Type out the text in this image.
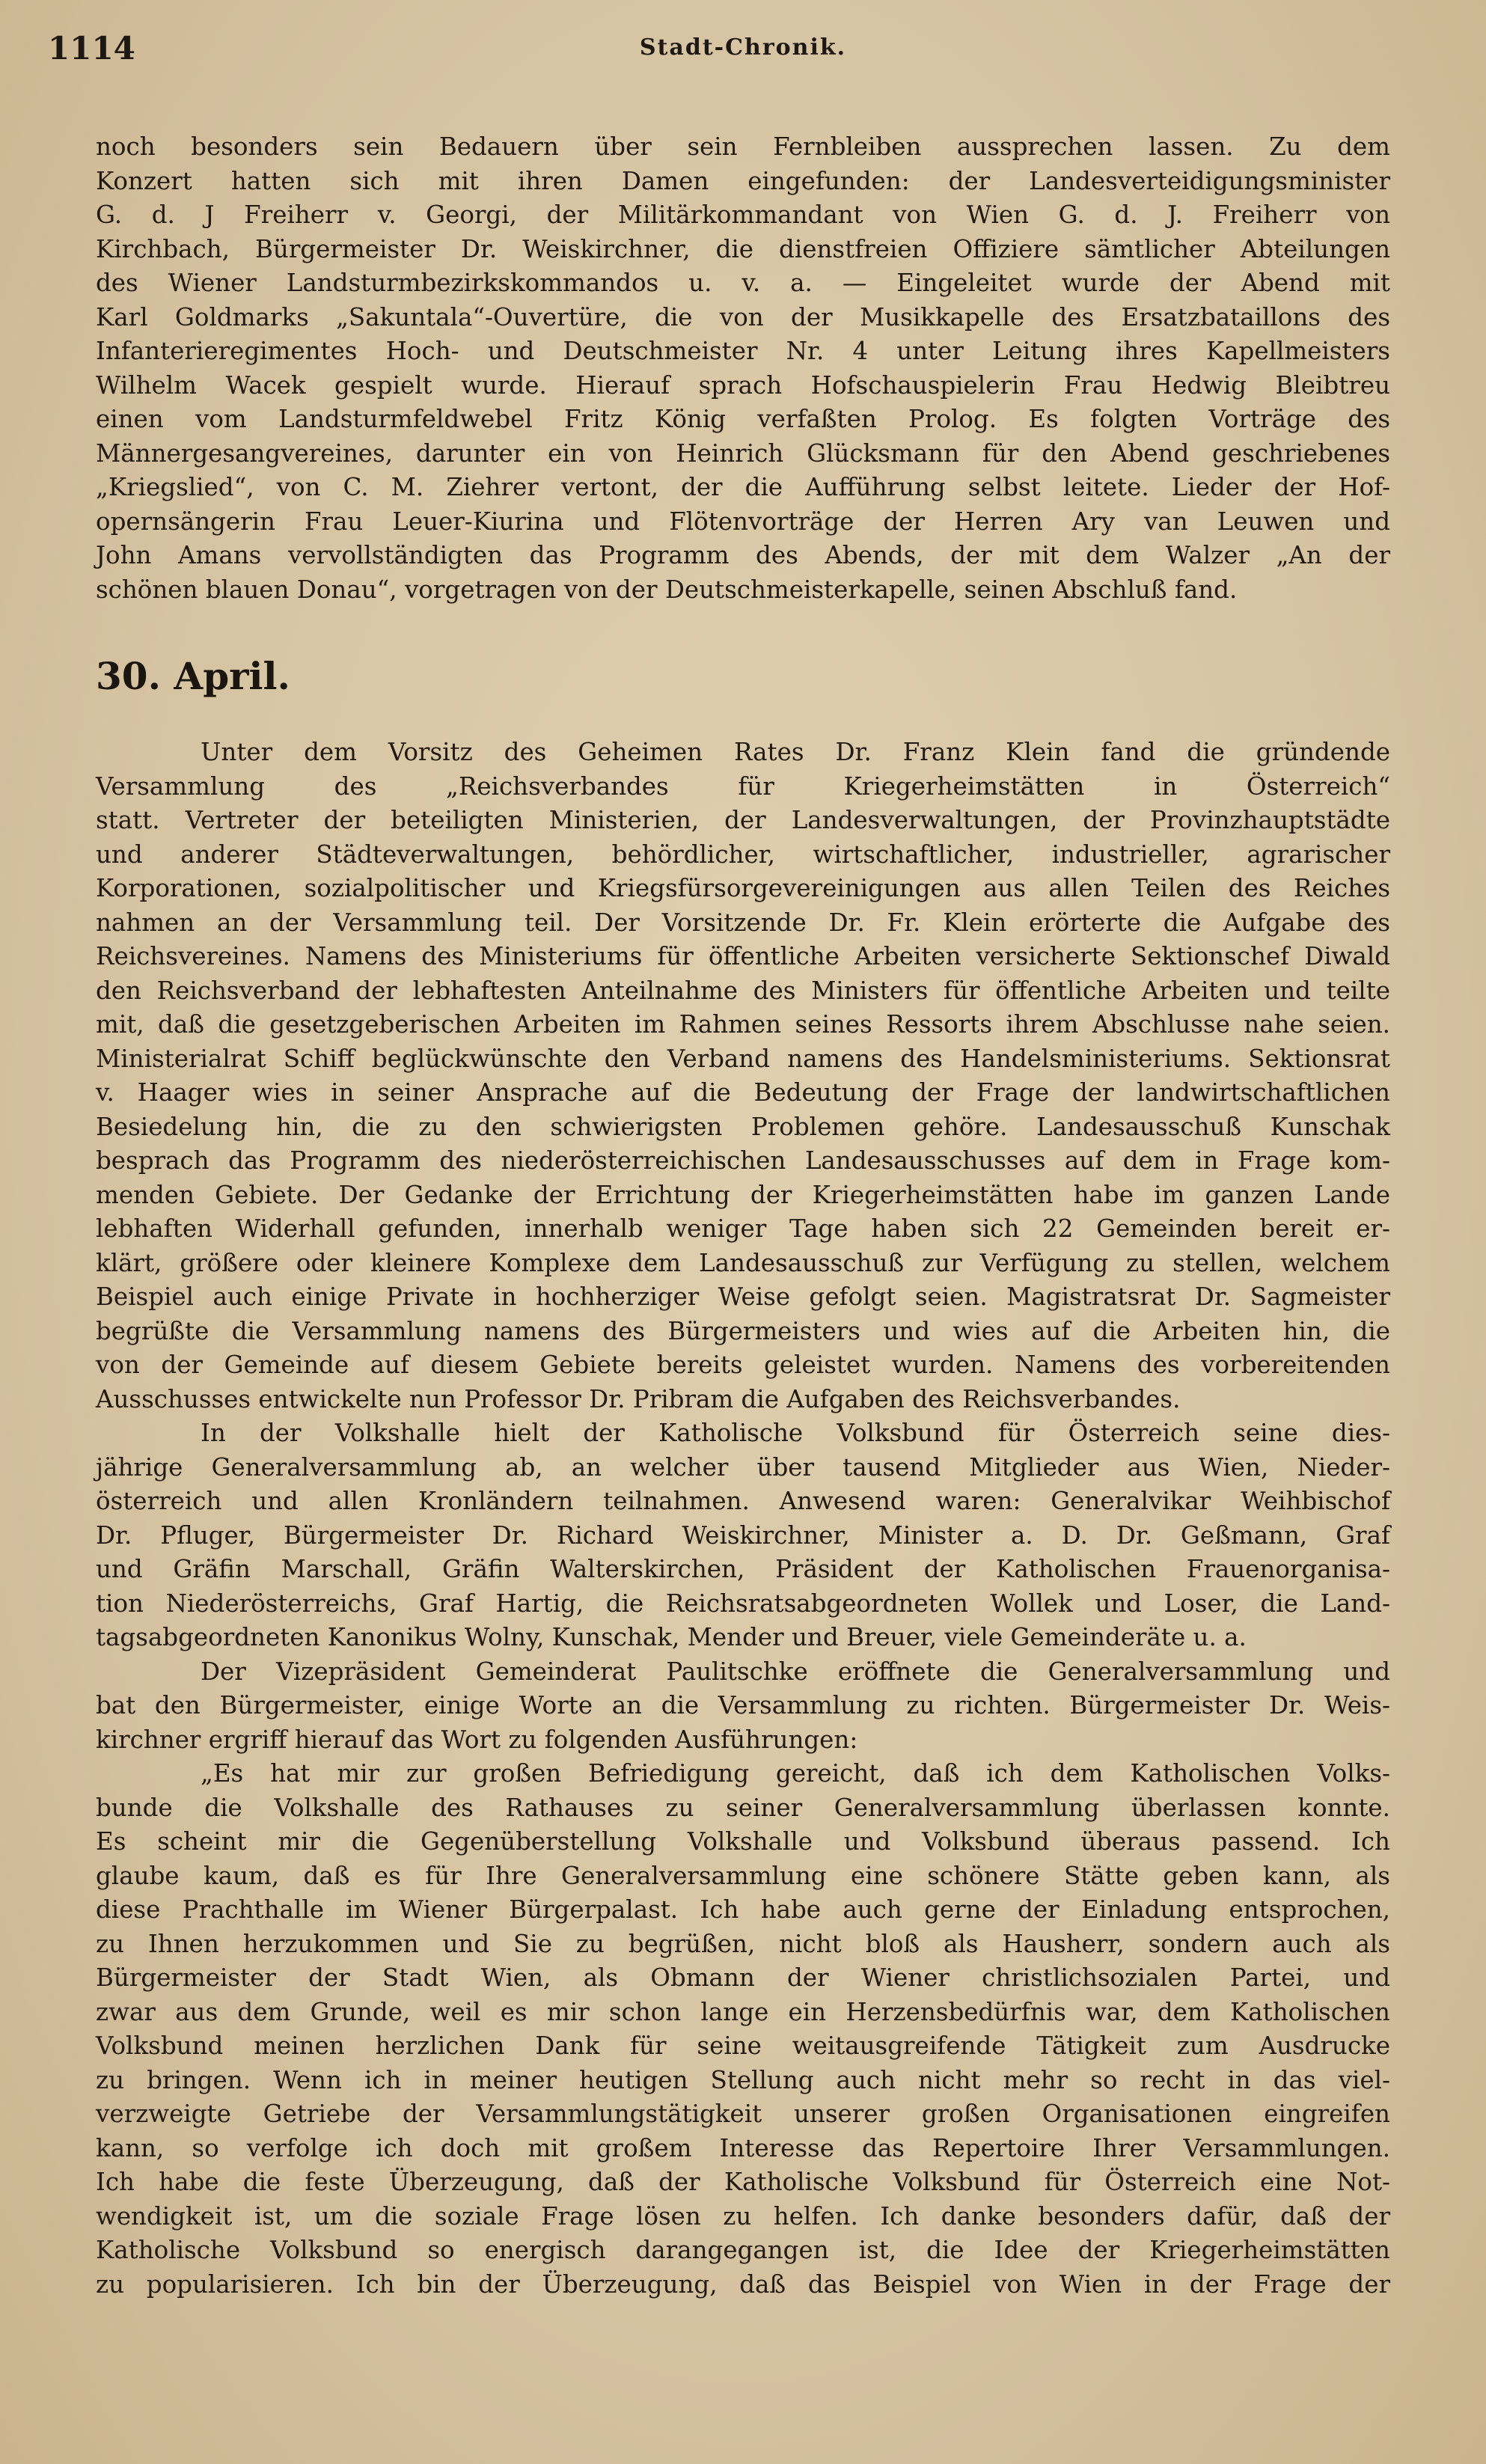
1114	Stadt-Chronik.

noch besonders sein Bedauern über sein Fernbleiben aussprechen lassen. Zu dem

Konzert hatten sich mit ihren Damen eingefunden: der Landesverteidigungsminister

G. d. J Freiherr v. Georgi, der Militärkommandant von Wien G. d. J. Freiherr von

Kirchbach, Bürgermeister Dr. Weiskirchner, die dienstfreien Offiziere sämtlicher Abteilungen

des Wiener Landsturmbezirkskommandos u. v. a. — Eingeleitet wurde der Abend mit

Karl Goldmarks „Sakuntala“-Ouvertüre, die von der Musikkapelle des Ersatzbataillons des

Infanterieregimentes Hoch- und Deutschmeister Nr. 4 unter Leitung ihres Kapellmeisters

Wilhelm Wacek gespielt wurde. Hierauf sprach Hofschauspielerin Frau Hedwig Bleibtreu

einen vom Landsturmfeldwebel Fritz König verfaßten Prolog. Es folgten Vorträge des

Männergesangvereines, darunter ein von Heinrich Glücksmann für den Abend geschriebenes

„Kriegslied“, von C. M. Ziehrer vertont, der die Aufführung selbst leitete. Lieder der Hof-

opernsängerin Frau Leuer-Kiurina und Flötenvorträge der Herren Ary van Leuwen und

John Amans vervollständigten das Programm des Abends, der mit dem Walzer „An der

schönen blauen Donau“, vorgetragen von der Deutschmeisterkapelle, seinen Abschluß fand.

30. April.

Unter dem Vorsitz des Geheimen Rates Dr. Franz Klein fand die gründende

Versammlung des „Reichsverbandes für Kriegerheimstätten in Österreich“

statt. Vertreter der beteiligten Ministerien, der Landesverwaltungen, der Provinzhauptstädte

und anderer Städteverwaltungen, behördlicher, wirtschaftlicher, industrieller, agrarischer

Korporationen, sozialpolitischer und Kriegsfürsorgevereinigungen aus allen Teilen des Reiches

nahmen an der Versammlung teil. Der Vorsitzende Dr. Fr. Klein erörterte die Aufgabe des

Reichsvereines. Namens des Ministeriums für öffentliche Arbeiten versicherte Sektionschef Diwald

den Reichsverband der lebhaftesten Anteilnahme des Ministers für öffentliche Arbeiten und teilte

mit, daß die gesetzgeberischen Arbeiten im Rahmen seines Ressorts ihrem Abschlusse nahe seien.

Ministerialrat Schiff beglückwünschte den Verband namens des Handelsministeriums. Sektionsrat

v. Haager wies in seiner Ansprache auf die Bedeutung der Frage der landwirtschaftlichen

Besiedelung hin, die zu den schwierigsten Problemen gehöre. Landesausschuß Kunschak

besprach das Programm des niederösterreichischen Landesausschusses auf dem in Frage kom-

menden Gebiete. Der Gedanke der Errichtung der Kriegerheimstätten habe im ganzen Lande

lebhaften Widerhall gefunden, innerhalb weniger Tage haben sich 22 Gemeinden bereit er-

klärt, größere oder kleinere Komplexe dem Landesausschuß zur Verfügung zu stellen, welchem

Beispiel auch einige Private in hochherziger Weise gefolgt seien. Magistratsrat Dr. Sagmeister

begrüßte die Versammlung namens des Bürgermeisters und wies auf die Arbeiten hin, die

von der Gemeinde auf diesem Gebiete bereits geleistet wurden. Namens des vorbereitenden

Ausschusses entwickelte nun Professor Dr. Pribram die Aufgaben des Reichsverbandes.

In der Volkshalle hielt der Katholische Volksbund für Österreich seine dies-

jährige Generalversammlung ab, an welcher über tausend Mitglieder aus Wien, Nieder-

österreich und allen Kronländern teilnahmen. Anwesend waren: Generalvikar Weihbischof

Dr. Pfluger, Bürgermeister Dr. Richard Weiskirchner, Minister a. D. Dr. Geßmann, Graf

und Gräfin Marschall, Gräfin Walterskirchen, Präsident der Katholischen Frauenorganisa-

tion Niederösterreichs, Graf Hartig, die Reichsratsabgeordneten Wollek und Loser, die Land-

tagsabgeordneten Kanonikus Wolny, Kunschak, Mender und Breuer, viele Gemeinderäte u. a.

Der Vizepräsident Gemeinderat Paulitschke eröffnete die Generalversammlung und

bat den Bürgermeister, einige Worte an die Versammlung zu richten. Bürgermeister Dr. Weis-

kirchner ergriff hierauf das Wort zu folgenden Ausführungen:

„Es hat mir zur großen Befriedigung gereicht, daß ich dem Katholischen Volks-

bunde die Volkshalle des Rathauses zu seiner Generalversammlung überlassen konnte.

Es scheint mir die Gegenüberstellung Volkshalle und Volksbund überaus passend. Ich

glaube kaum, daß es für Ihre Generalversammlung eine schönere Stätte geben kann, als

diese Prachthalle im Wiener Bürgerpalast. Ich habe auch gerne der Einladung entsprochen,

zu Ihnen herzukommen und Sie zu begrüßen, nicht bloß als Hausherr, sondern auch als

Bürgermeister der Stadt Wien, als Obmann der Wiener christlichsozialen Partei, und

zwar aus dem Grunde, weil es mir schon lange ein Herzensbedürfnis war, dem Katholischen

Volksbund meinen herzlichen Dank für seine weitausgreifende Tätigkeit zum Ausdrucke

zu bringen. Wenn ich in meiner heutigen Stellung auch nicht mehr so recht in das viel-

verzweigte Getriebe der Versammlungstätigkeit unserer großen Organisationen eingreifen

kann, so verfolge ich doch mit großem Interesse das Repertoire Ihrer Versammlungen.

Ich habe die feste Überzeugung, daß der Katholische Volksbund für Österreich eine Not-

wendigkeit ist, um die soziale Frage lösen zu helfen. Ich danke besonders dafür, daß der

Katholische Volksbund so energisch darangegangen ist, die Idee der Kriegerheimstätten

zu popularisieren. Ich bin der Überzeugung, daß das Beispiel von Wien in der Frage der
